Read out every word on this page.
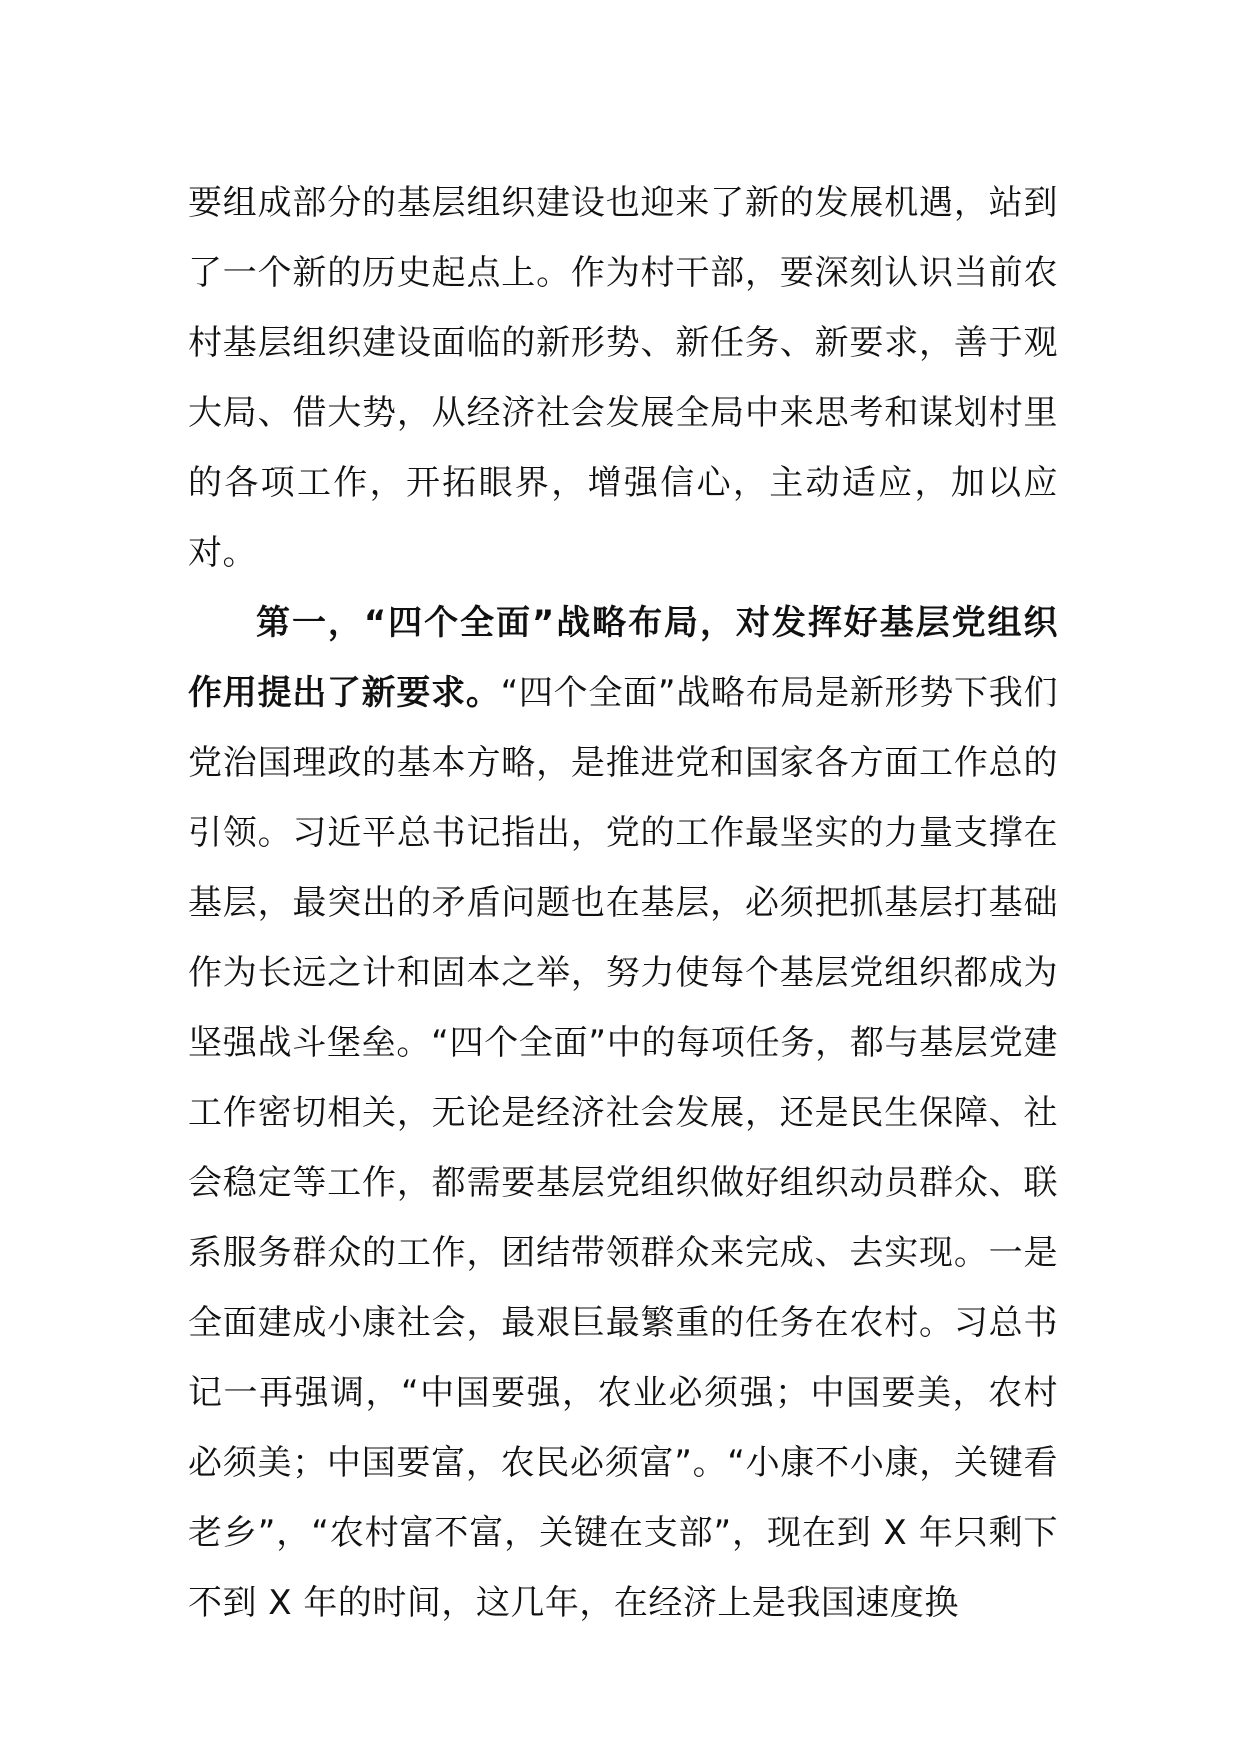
要组成部分的基层组织建设也迎来了新的发展机遇，站到了一个新的历史起点上。作为村干部，要深刻认识当前农村基层组织建设面临的新形势、新任务、新要求，善于观大局、借大势，从经济社会发展全局中来思考和谋划村里的各项工作，开拓眼界，增强信心，主动适应，加以应对。

第一，“四个全面”战略布局，对发挥好基层党组织作用提出了新要求。“四个全面”战略布局是新形势下我们党治国理政的基本方略，是推进党和国家各方面工作总的引领。习近平总书记指出，党的工作最坚实的力量支撑在基层，最突出的矛盾问题也在基层，必须把抓基层打基础作为长远之计和固本之举，努力使每个基层党组织都成为坚强战斗堡垒。“四个全面”中的每项任务，都与基层党建工作密切相关，无论是经济社会发展，还是民生保障、社会稳定等工作，都需要基层党组织做好组织动员群众、联系服务群众的工作，团结带领群众来完成、去实现。一是全面建成小康社会，最艰巨最繁重的任务在农村。习总书记一再强调，“中国要强，农业必须强；中国要美，农村必须美；中国要富，农民必须富”。“小康不小康，关键看老乡”，“农村富不富，关键在支部”，现在到 X 年只剩下不到 X 年的时间，这几年，在经济上是我国速度换
